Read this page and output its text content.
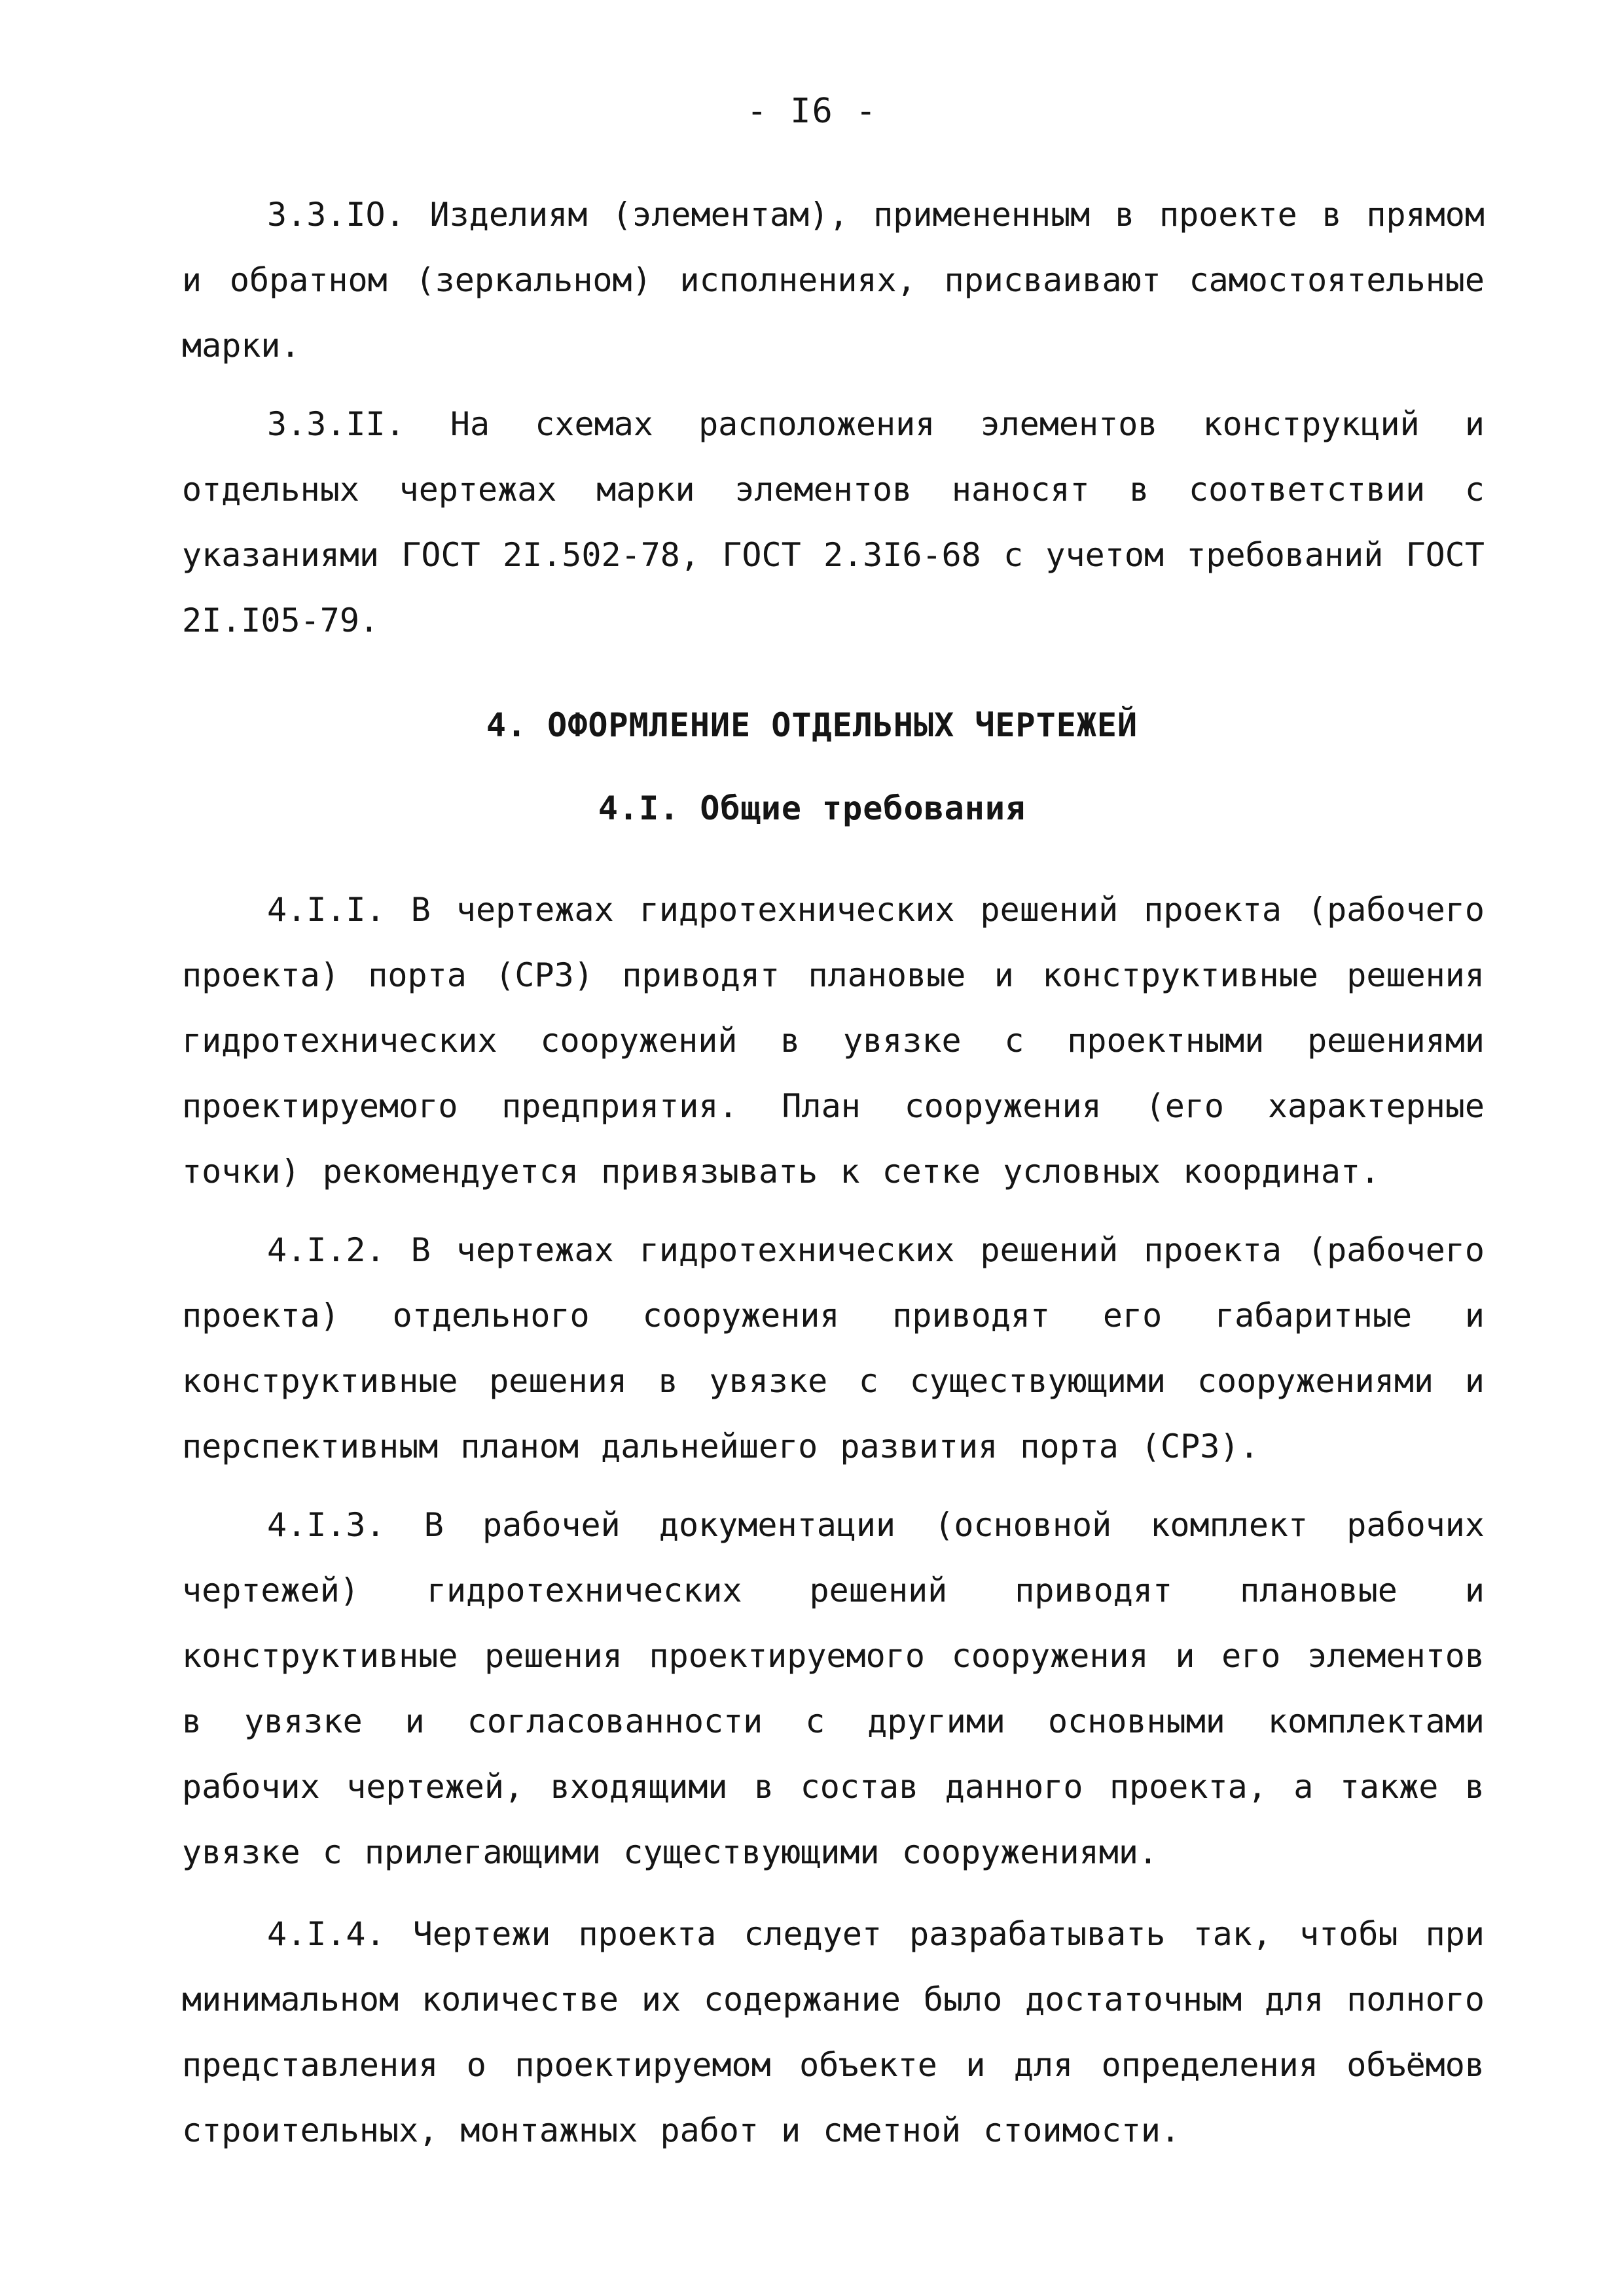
- I6 -

3.3.IО. Изделиям (элементам), примененным в проекте в прямом и обратном (зеркальном) исполнениях, присваивают самостоятельные марки.

3.3.II. На схемах расположения элементов конструкций и отдельных чертежах марки элементов наносят в соответствии с указаниями ГОСТ 2I.502-78, ГОСТ 2.3I6-68 с учетом требований ГОСТ 2I.I05-79.

4. ОФОРМЛЕНИЕ ОТДЕЛЬНЫХ ЧЕРТЕЖЕЙ
4.I. Общие требования

4.I.I. В чертежах гидротехнических решений проекта (рабочего проекта) порта (СРЗ) приводят плановые и конструктивные решения гидротехнических сооружений в увязке с проектными решениями проектируемого предприятия. План сооружения (его характерные точки) рекомендуется привязывать к сетке условных координат.

4.I.2. В чертежах гидротехнических решений проекта (рабочего проекта) отдельного сооружения приводят его габаритные и конструктивные решения в увязке с существующими сооружениями и перспективным планом дальнейшего развития порта (СРЗ).

4.I.3. В рабочей документации (основной комплект рабочих чертежей) гидротехнических решений приводят плановые и конструктивные решения проектируемого сооружения и его элементов в увязке и согласованности с другими основными комплектами рабочих чертежей, входящими в состав данного проекта, а также в увязке с прилегающими существующими сооружениями.

4.I.4. Чертежи проекта следует разрабатывать так, чтобы при минимальном количестве их содержание было достаточным для полного представления о проектируемом объекте и для определения объёмов строительных, монтажных работ и сметной стоимости.
